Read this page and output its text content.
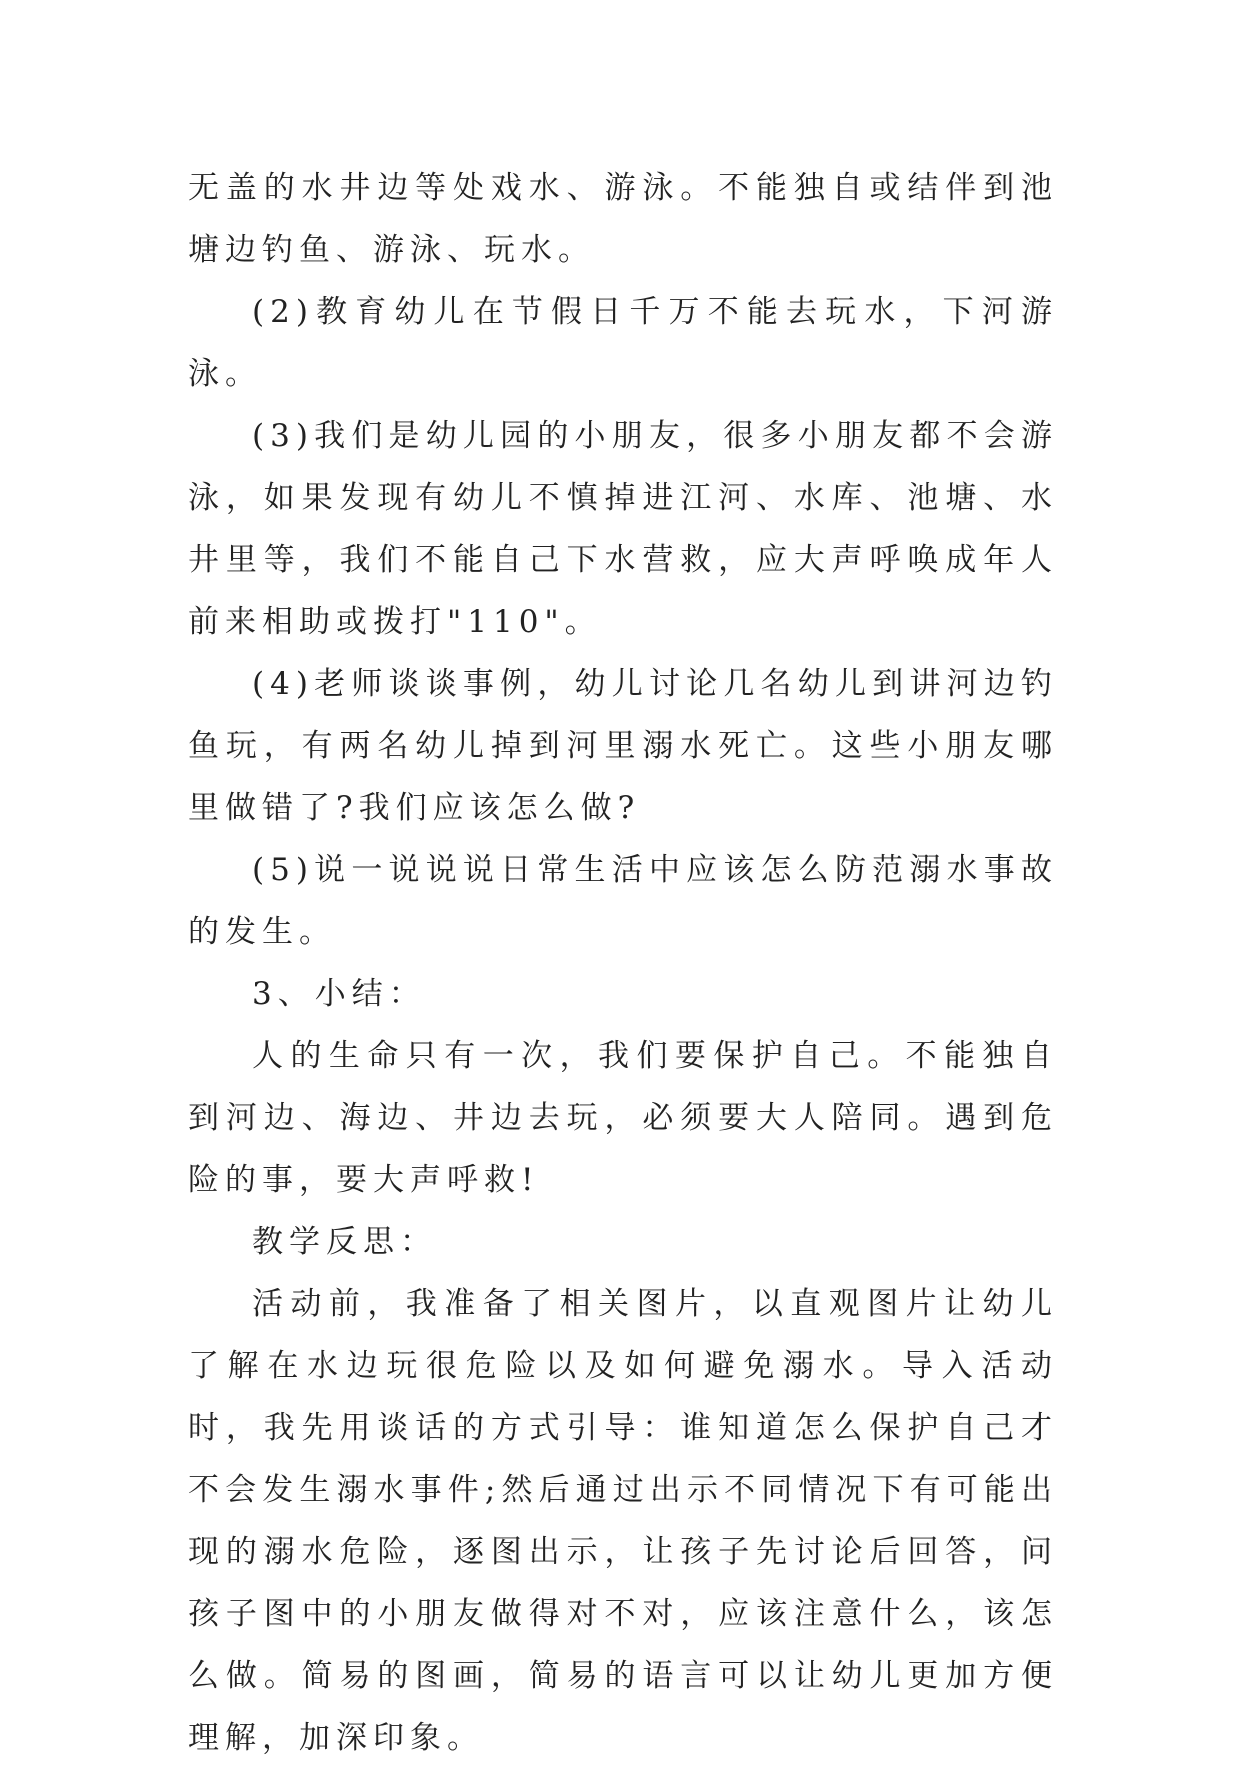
无盖的水井边等处戏水、游泳。不能独自或结伴到池塘边钓鱼、游泳、玩水。

(2)教育幼儿在节假日千万不能去玩水，下河游泳。

(3)我们是幼儿园的小朋友，很多小朋友都不会游泳，如果发现有幼儿不慎掉进江河、水库、池塘、水井里等，我们不能自己下水营救，应大声呼唤成年人前来相助或拨打"110"。

(4)老师谈谈事例，幼儿讨论几名幼儿到讲河边钓鱼玩，有两名幼儿掉到河里溺水死亡。这些小朋友哪里做错了?我们应该怎么做?

(5)说一说说说日常生活中应该怎么防范溺水事故的发生。

3、小结：

人的生命只有一次，我们要保护自己。不能独自到河边、海边、井边去玩，必须要大人陪同。遇到危险的事，要大声呼救!

教学反思：

活动前，我准备了相关图片，以直观图片让幼儿了解在水边玩很危险以及如何避免溺水。导入活动时，我先用谈话的方式引导：谁知道怎么保护自己才不会发生溺水事件;然后通过出示不同情况下有可能出现的溺水危险，逐图出示，让孩子先讨论后回答，问孩子图中的小朋友做得对不对，应该注意什么，该怎么做。简易的图画，简易的语言可以让幼儿更加方便理解，加深印象。
